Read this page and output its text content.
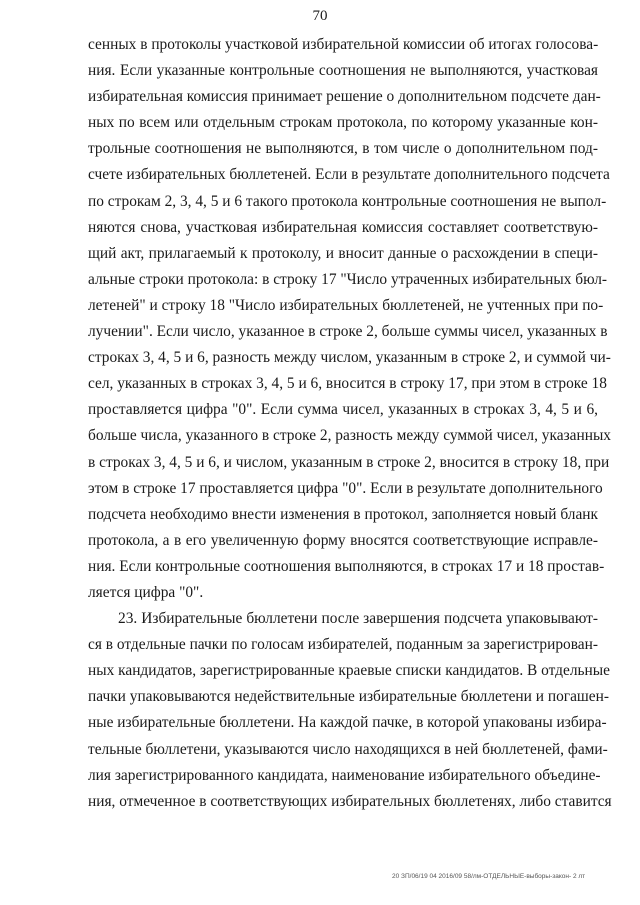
70
сенных в протоколы участковой избирательной комиссии об итогах голосова-
ния. Если указанные контрольные соотношения не выполняются, участковая
избирательная комиссия принимает решение о дополнительном подсчете дан-
ных по всем или отдельным строкам протокола, по которому указанные кон-
трольные соотношения не выполняются, в том числе о дополнительном под-
счете избирательных бюллетеней. Если в результате дополнительного подсчета
по строкам 2, 3, 4, 5 и 6 такого протокола контрольные соотношения не выпол-
няются снова, участковая избирательная комиссия составляет соответствую-
щий акт, прилагаемый к протоколу, и вносит данные о расхождении в специ-
альные строки протокола: в строку 17 "Число утраченных избирательных бюл-
летеней" и строку 18 "Число избирательных бюллетеней, не учтенных при по-
лучении". Если число, указанное в строке 2, больше суммы чисел, указанных в
строках 3, 4, 5 и 6, разность между числом, указанным в строке 2, и суммой чи-
сел, указанных в строках 3, 4, 5 и 6, вносится в строку 17, при этом в строке 18
проставляется цифра "0". Если сумма чисел, указанных в строках 3, 4, 5 и 6,
больше числа, указанного в строке 2, разность между суммой чисел, указанных
в строках 3, 4, 5 и 6, и числом, указанным в строке 2, вносится в строку 18, при
этом в строке 17 проставляется цифра "0". Если в результате дополнительного
подсчета необходимо внести изменения в протокол, заполняется новый бланк
протокола, а в его увеличенную форму вносятся соответствующие исправле-
ния. Если контрольные соотношения выполняются, в строках 17 и 18 простав-
ляется цифра "0".
23. Избирательные бюллетени после завершения подсчета упаковывают-
ся в отдельные пачки по голосам избирателей, поданным за зарегистрирован-
ных кандидатов, зарегистрированные краевые списки кандидатов. В отдельные
пачки упаковываются недействительные избирательные бюллетени и погашен-
ные избирательные бюллетени. На каждой пачке, в которой упакованы избира-
тельные бюллетени, указываются число находящихся в ней бюллетеней, фами-
лия зарегистрированного кандидата, наименование избирательного объедине-
ния, отмеченное в соответствующих избирательных бюллетенях, либо ставится
20 ЗП/06/19 04 2016/09 58/лм-ОТДЕЛЬНЫЕ-выборы-закон- 2 лт
